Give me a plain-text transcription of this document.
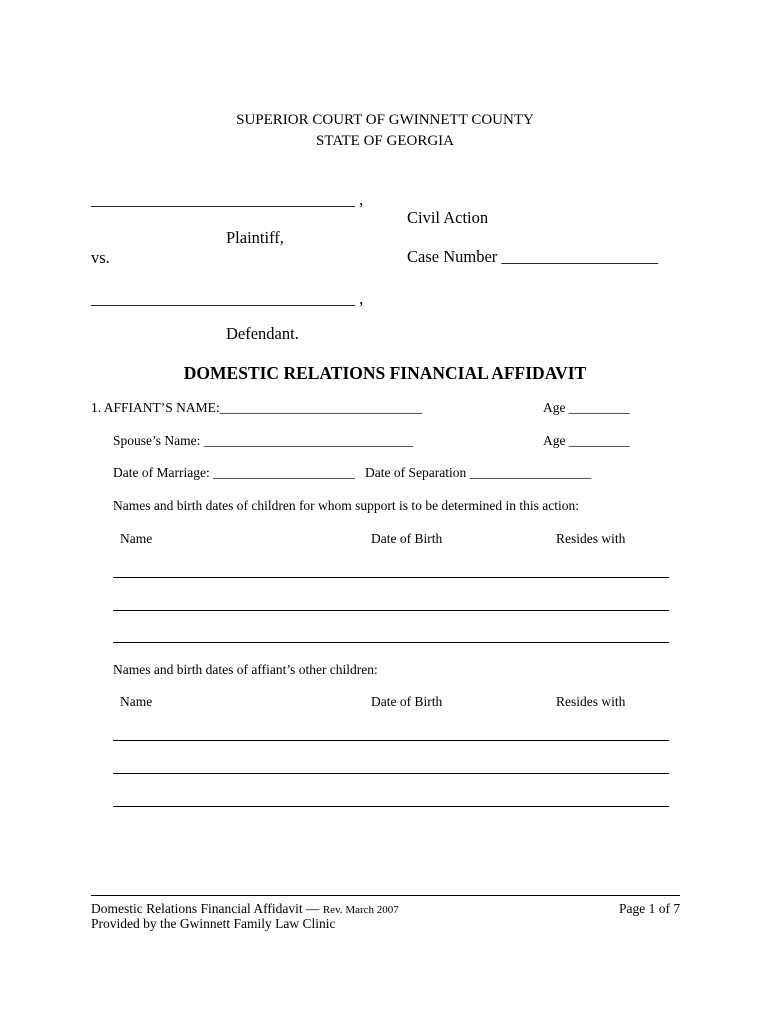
SUPERIOR COURT OF GWINNETT COUNTY
STATE OF GEORGIA
________________________________ ,
Civil Action
Plaintiff,
vs.	Case Number ___________________
________________________________ ,
Defendant.
DOMESTIC RELATIONS FINANCIAL AFFIDAVIT
1. AFFIANT’S NAME:______________________________	Age _________
Spouse’s Name: _______________________________	Age _________
Date of Marriage: _____________________ Date of Separation __________________
Names and birth dates of children for whom support is to be determined in this action:
Name	Date of Birth	Resides with
Names and birth dates of affiant’s other children:
Name	Date of Birth	Resides with
Domestic Relations Financial Affidavit — Rev. March 2007	Page 1 of 7
Provided by the Gwinnett Family Law Clinic
